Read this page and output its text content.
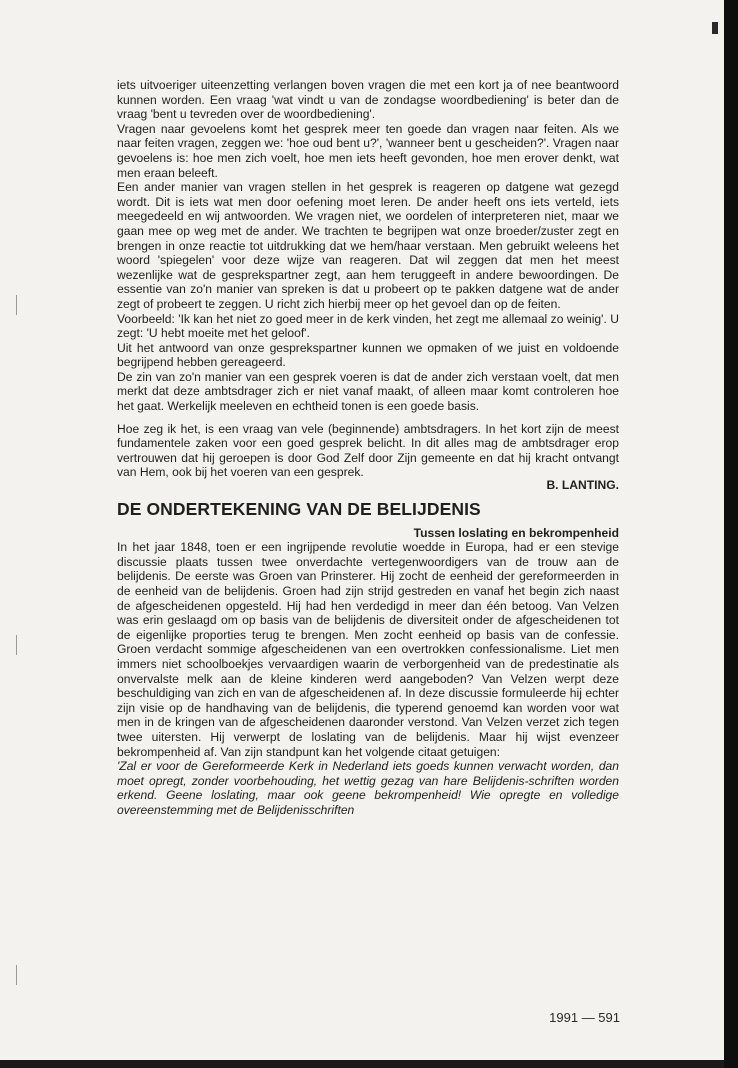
iets uitvoeriger uiteenzetting verlangen boven vragen die met een kort ja of nee beantwoord kunnen worden. Een vraag 'wat vindt u van de zondagse woordbediening' is beter dan de vraag 'bent u tevreden over de woordbediening'.

Vragen naar gevoelens komt het gesprek meer ten goede dan vragen naar feiten. Als we naar feiten vragen, zeggen we: 'hoe oud bent u?', 'wanneer bent u gescheiden?'. Vragen naar gevoelens is: hoe men zich voelt, hoe men iets heeft gevonden, hoe men erover denkt, wat men eraan beleeft.

Een ander manier van vragen stellen in het gesprek is reageren op datgene wat gezegd wordt. Dit is iets wat men door oefening moet leren. De ander heeft ons iets verteld, iets meegedeeld en wij antwoorden. We vragen niet, we oordelen of interpreteren niet, maar we gaan mee op weg met de ander. We trachten te begrijpen wat onze broeder/zuster zegt en brengen in onze reactie tot uitdrukking dat we hem/haar verstaan. Men gebruikt weleens het woord 'spiegelen' voor deze wijze van reageren. Dat wil zeggen dat men het meest wezenlijke wat de gesprekspartner zegt, aan hem teruggeeft in andere bewoordingen. De essentie van zo'n manier van spreken is dat u probeert op te pakken datgene wat de ander zegt of probeert te zeggen. U richt zich hierbij meer op het gevoel dan op de feiten.

Voorbeeld: 'Ik kan het niet zo goed meer in de kerk vinden, het zegt me allemaal zo weinig'. U zegt: 'U hebt moeite met het geloof'.

Uit het antwoord van onze gesprekspartner kunnen we opmaken of we juist en voldoende begrijpend hebben gereageerd.

De zin van zo'n manier van een gesprek voeren is dat de ander zich verstaan voelt, dat men merkt dat deze ambtsdrager zich er niet vanaf maakt, of alleen maar komt controleren hoe het gaat. Werkelijk meeleven en echtheid tonen is een goede basis.

Hoe zeg ik het, is een vraag van vele (beginnende) ambtsdragers. In het kort zijn de meest fundamentele zaken voor een goed gesprek belicht. In dit alles mag de ambtsdrager erop vertrouwen dat hij geroepen is door God Zelf door Zijn gemeente en dat hij kracht ontvangt van Hem, ook bij het voeren van een gesprek.

B. LANTING.
DE ONDERTEKENING VAN DE BELIJDENIS
Tussen loslating en bekrompenheid

In het jaar 1848, toen er een ingrijpende revolutie woedde in Europa, had er een stevige discussie plaats tussen twee onverdachte vertegenwoordigers van de trouw aan de belijdenis. De eerste was Groen van Prinsterer. Hij zocht de eenheid der gereformeerden in de eenheid van de belijdenis. Groen had zijn strijd gestreden en vanaf het begin zich naast de afgescheidenen opgesteld. Hij had hen verdedigd in meer dan één betoog. Van Velzen was erin geslaagd om op basis van de belijdenis de diversiteit onder de afgescheidenen tot de eigenlijke proporties terug te brengen. Men zocht eenheid op basis van de confessie. Groen verdacht sommige afgescheidenen van een overtrokken confessionalisme. Liet men immers niet schoolboekjes vervaardigen waarin de verborgenheid van de predestinatie als onvervalste melk aan de kleine kinderen werd aangeboden? Van Velzen werpt deze beschuldiging van zich en van de afgescheidenen af. In deze discussie formuleerde hij echter zijn visie op de handhaving van de belijdenis, die typerend genoemd kan worden voor wat men in de kringen van de afgescheidenen daaronder verstond. Van Velzen verzet zich tegen twee uitersten. Hij verwerpt de loslating van de belijdenis. Maar hij wijst evenzeer bekrompenheid af. Van zijn standpunt kan het volgende citaat getuigen:

'Zal er voor de Gereformeerde Kerk in Nederland iets goeds kunnen verwacht worden, dan moet opregt, zonder voorbehouding, het wettig gezag van hare Belijdenis-schriften worden erkend. Geene loslating, maar ook geene bekrompenheid! Wie opregte en volledige overeenstemming met de Belijdenisschriften

1991 — 591
